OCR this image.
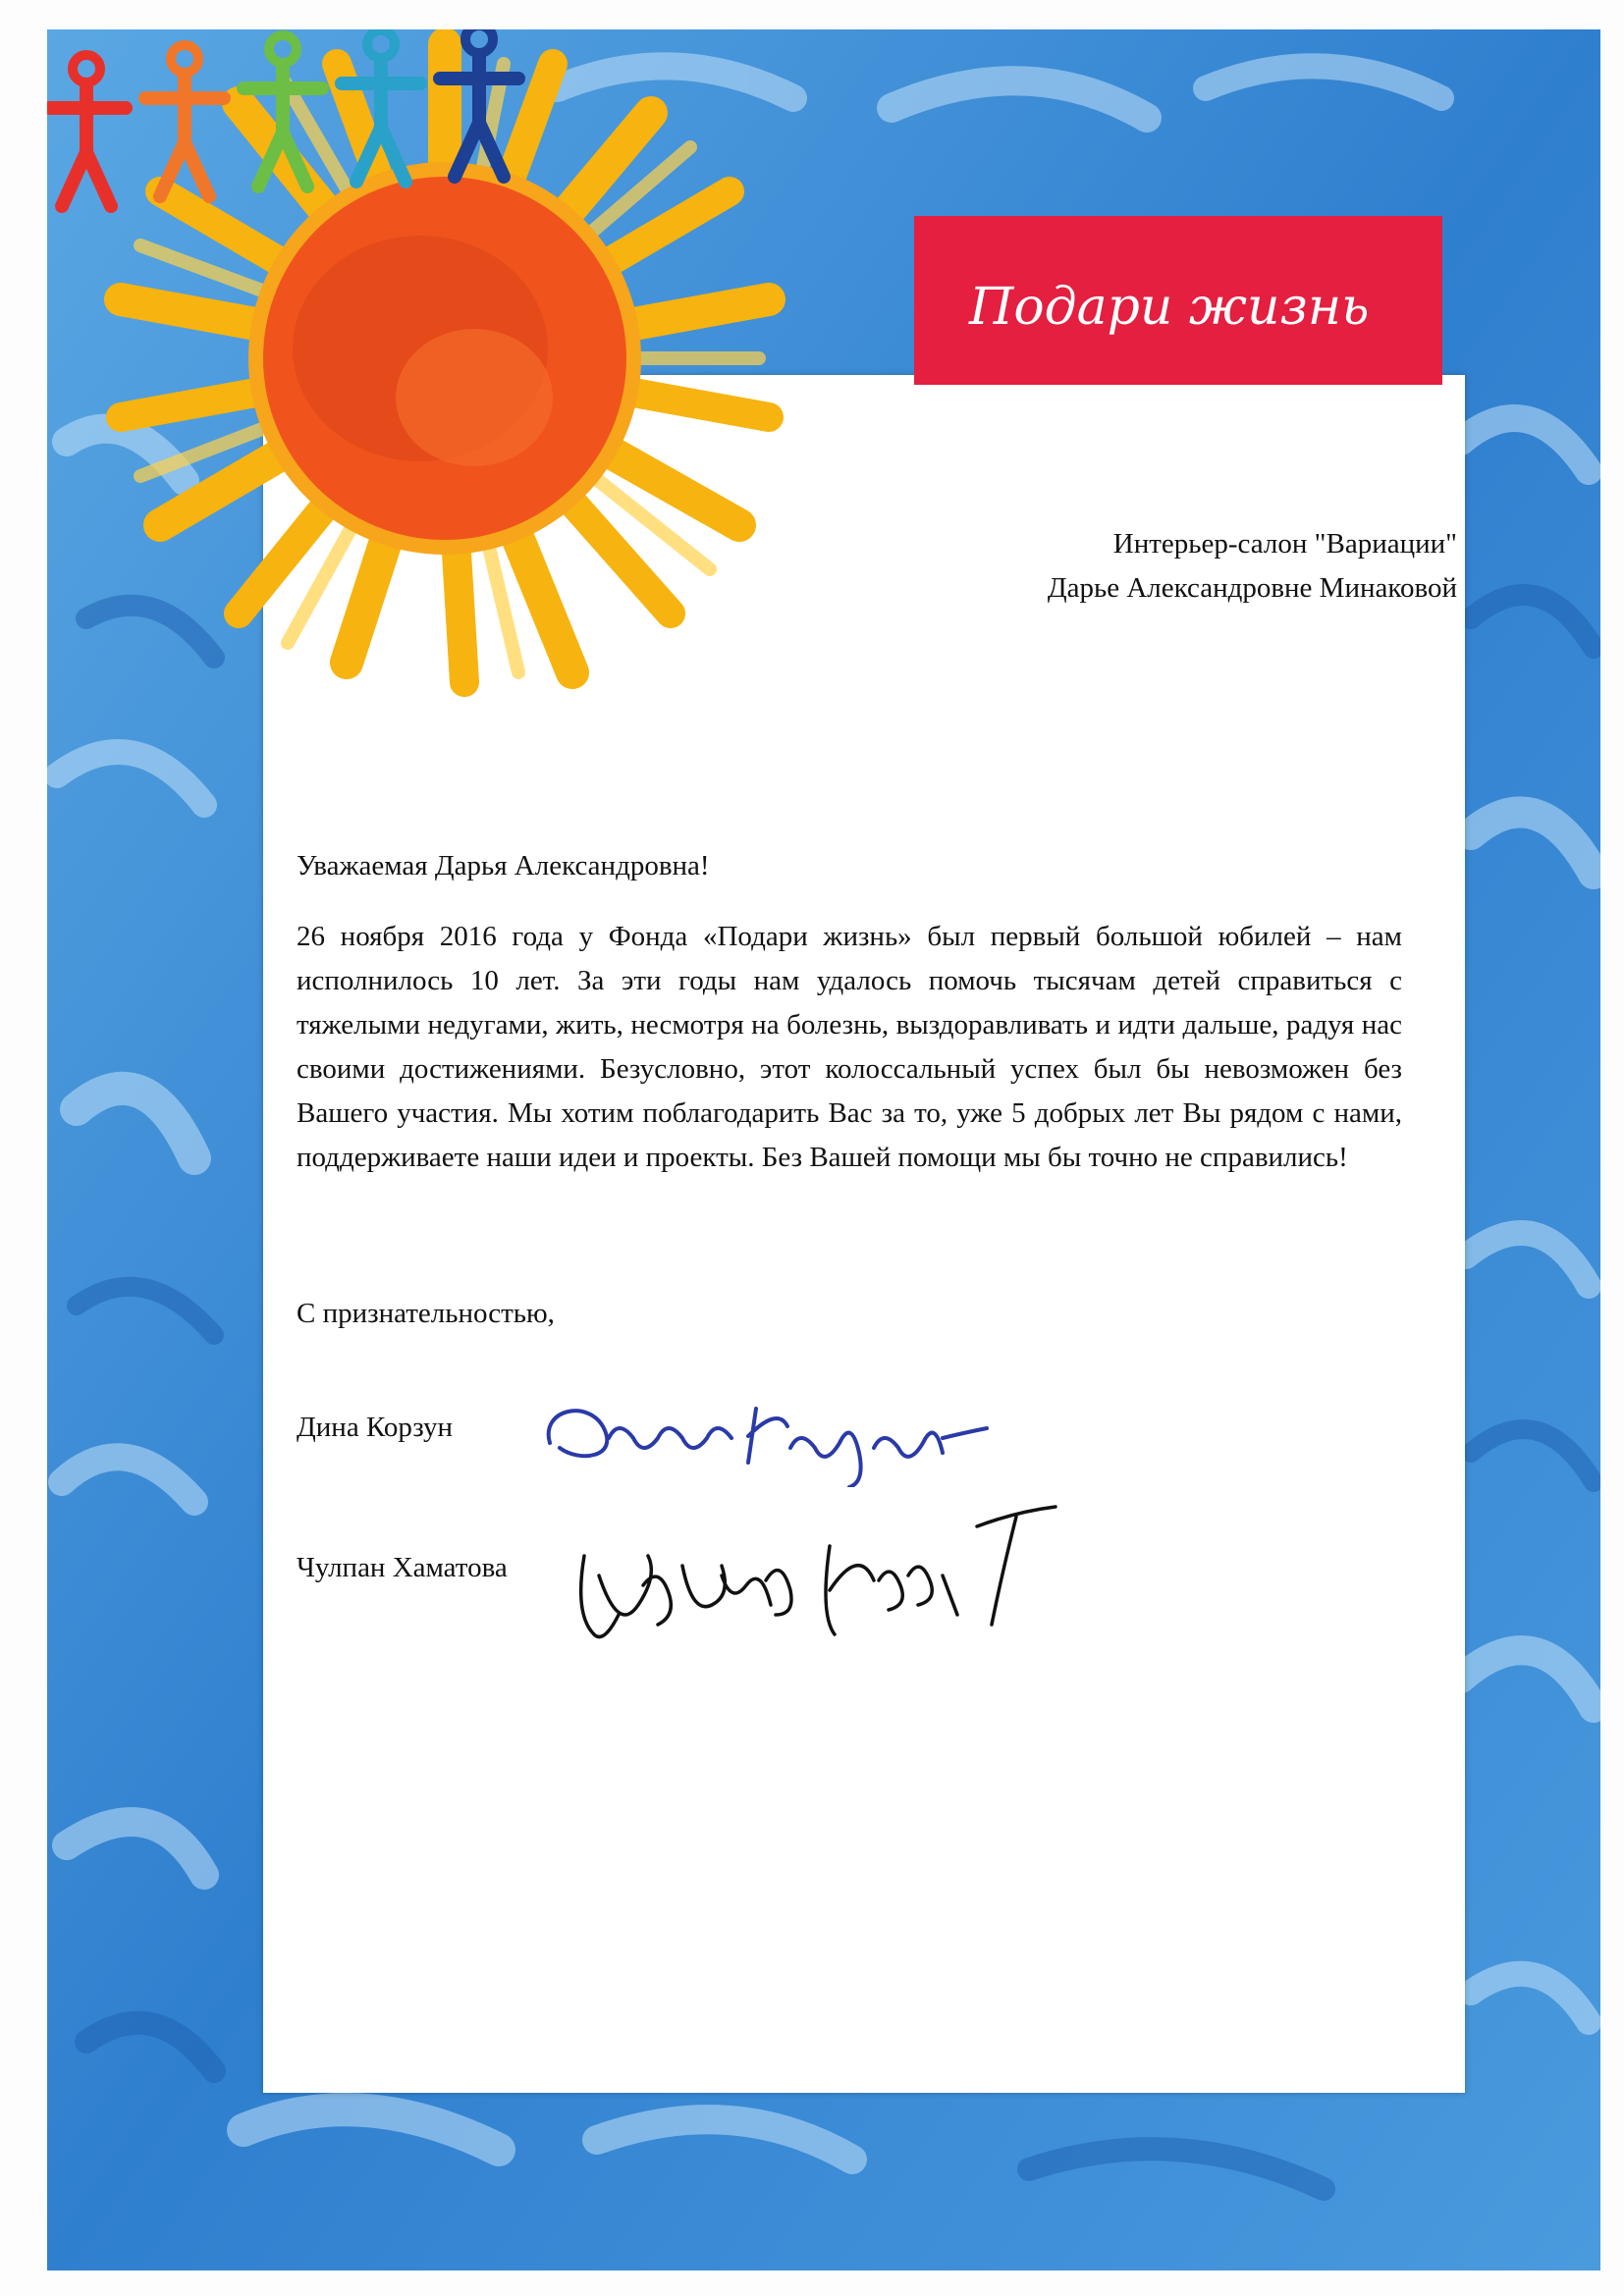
Интерьер-салон "Вариации"
Дарье Александровне Минаковой
Подари жизнь
Уважаемая Дарья Александровна!
26 ноября 2016 года у Фонда «Подари жизнь» был первый большой юбилей – нам исполнилось 10 лет. За эти годы нам удалось помочь тысячам детей справиться с тяжелыми недугами, жить, несмотря на болезнь, выздоравливать и идти дальше, радуя нас своими достижениями. Безусловно, этот колоссальный успех был бы невозможен без Вашего участия. Мы хотим поблагодарить Вас за то, уже 5 добрых лет Вы рядом с нами, поддерживаете наши идеи и проекты. Без Вашей помощи мы бы точно не справились!
С признательностью,
Дина Корзун
Чулпан Хаматова
